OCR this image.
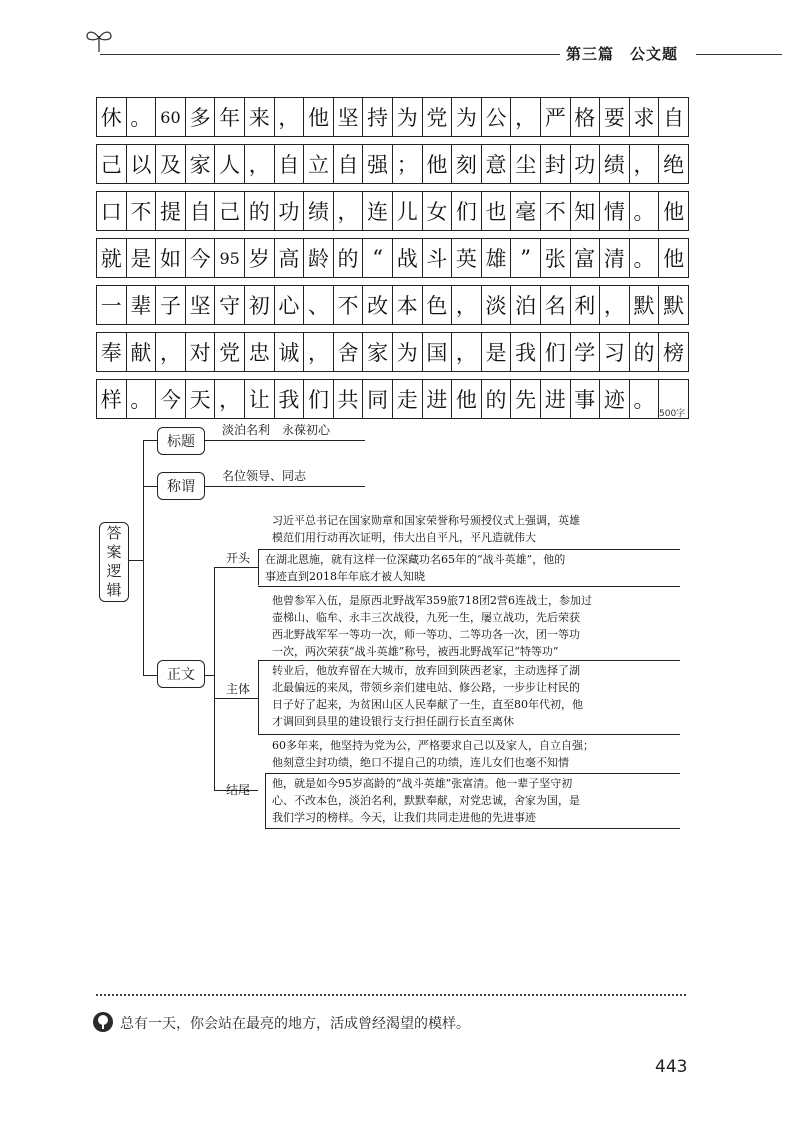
第三篇　公文题
休 。 60 多 年 来 ， 他 坚 持 为 党 为 公 ， 严 格 要 求 自
己 以 及 家 人 ， 自 立 自 强 ； 他 刻 意 尘 封 功 绩 ， 绝
口 不 提 自 己 的 功 绩 ， 连 儿 女 们 也 毫 不 知 情 。 他
就 是 如 今 95 岁 高 龄 的 “ 战 斗 英 雄 ” 张 富 清 。 他
一 辈 子 坚 守 初 心 、 不 改 本 色 ， 淡 泊 名 利 ， 默 默
奉 献 ， 对 党 忠 诚 ， 舍 家 为 国 ， 是 我 们 学 习 的 榜
样 。 今 天 ， 让 我 们 共 同 走 进 他 的 先 进 事 迹 。
500字
答
案
逻
辑
标题
淡泊名利　永葆初心
称谓
名位领导、同志
正文
开头
习近平总书记在国家勋章和国家荣誉称号颁授仪式上强调，英雄
模范们用行动再次证明，伟大出自平凡，平凡造就伟大
在湖北恩施，就有这样一位深藏功名65年的“战斗英雄”，他的
事迹直到2018年年底才被人知晓
主体
他曾参军入伍，是原西北野战军359旅718团2营6连战士，参加过
壶梯山、临牟、永丰三次战役，九死一生，屡立战功，先后荣获
西北野战军军一等功一次，师一等功、二等功各一次，团一等功
一次，两次荣获“战斗英雄”称号，被西北野战军记“特等功”
转业后，他放弃留在大城市，放弃回到陕西老家，主动选择了湖
北最偏远的来凤，带领乡亲们建电站、修公路，一步步让村民的
日子好了起来，为贫困山区人民奉献了一生，直至80年代初，他
才调回到县里的建设银行支行担任副行长直至离休
结尾
60多年来，他坚持为党为公，严格要求自己以及家人，自立自强；
他刻意尘封功绩，绝口不提自己的功绩，连儿女们也毫不知情
他，就是如今95岁高龄的“战斗英雄”张富清。他一辈子坚守初
心、不改本色，淡泊名利，默默奉献，对党忠诚，舍家为国，是
我们学习的榜样。今天，让我们共同走进他的先进事迹
总有一天，你会站在最亮的地方，活成曾经渴望的模样。
443
